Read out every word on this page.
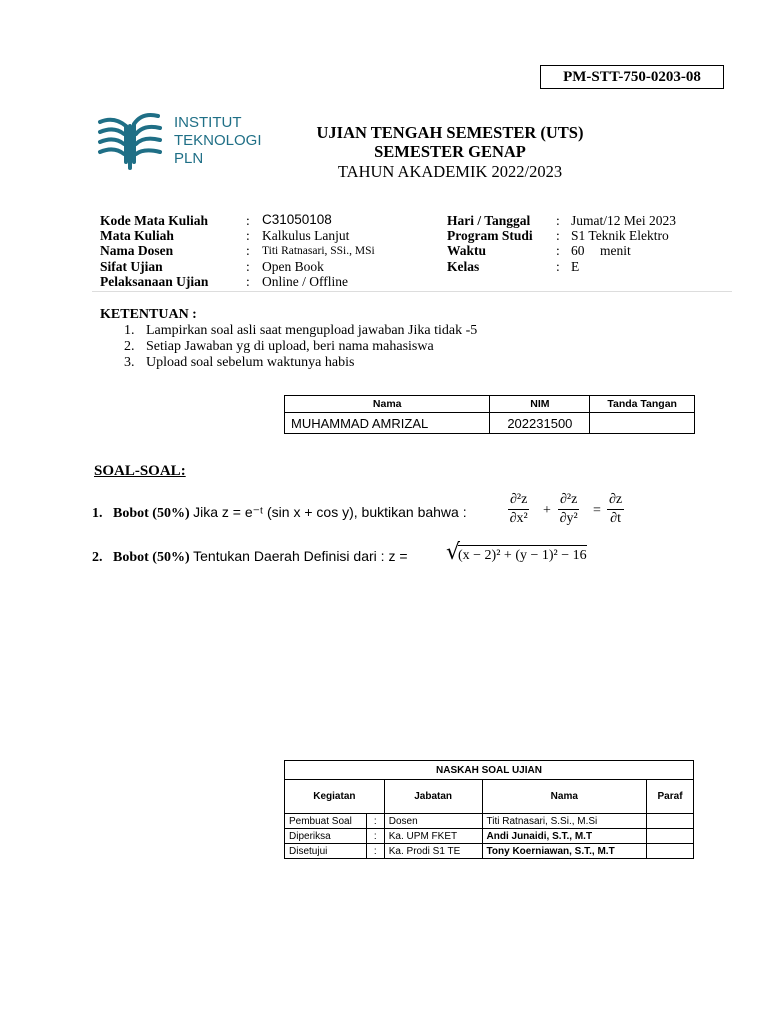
PM-STT-750-0203-08
INSTITUT
TEKNOLOGI
PLN
UJIAN TENGAH SEMESTER (UTS)
SEMESTER GENAP
TAHUN AKADEMIK 2022/2023
Kode Mata Kuliah	: C31050108
Mata Kuliah	: Kalkulus Lanjut
Nama Dosen	: Titi Ratnasari, SSi., MSi
Sifat Ujian	: Open Book
Pelaksanaan Ujian	: Online / Offline
Hari / Tanggal : Jumat/12 Mei 2023
Program Studi : S1 Teknik Elektro
Waktu	: 60 menit
Kelas	: E
KETENTUAN :
1. Lampirkan soal asli saat mengupload jawaban Jika tidak -5
2. Setiap Jawaban yg di upload, beri nama mahasiswa
3. Upload soal sebelum waktunya habis
Nama	NIM	Tanda Tangan
MUHAMMAD AMRIZAL	202231500	
SOAL-SOAL:
1. Bobot (50%) Jika z = e⁻ᵗ (sin x + cos y), buktikan bahwa :	$\frac{\text{∂²z}}{\text{∂x²}} + \frac{\text{∂²z}}{\text{∂y²}} = \frac{\partial z}{\partial t}$
2. Bobot (50%) Tentukan Daerah Definisi dari : z = √
(x − 2)² + (y − 1)² − 16
NASKAH SOAL UJIAN				
Kegiatan		Jabatan	Nama	Paraf
Pembuat Soal	:	Dosen	Titi Ratnasari, S.Si., M.Si	
Diperiksa	:	Ka. UPM FKET	Andi Junaidi, S.T., M.T	
Disetujui	:	Ka. Prodi S1 TE	Tony Koerniawan, S.T., M.T	
